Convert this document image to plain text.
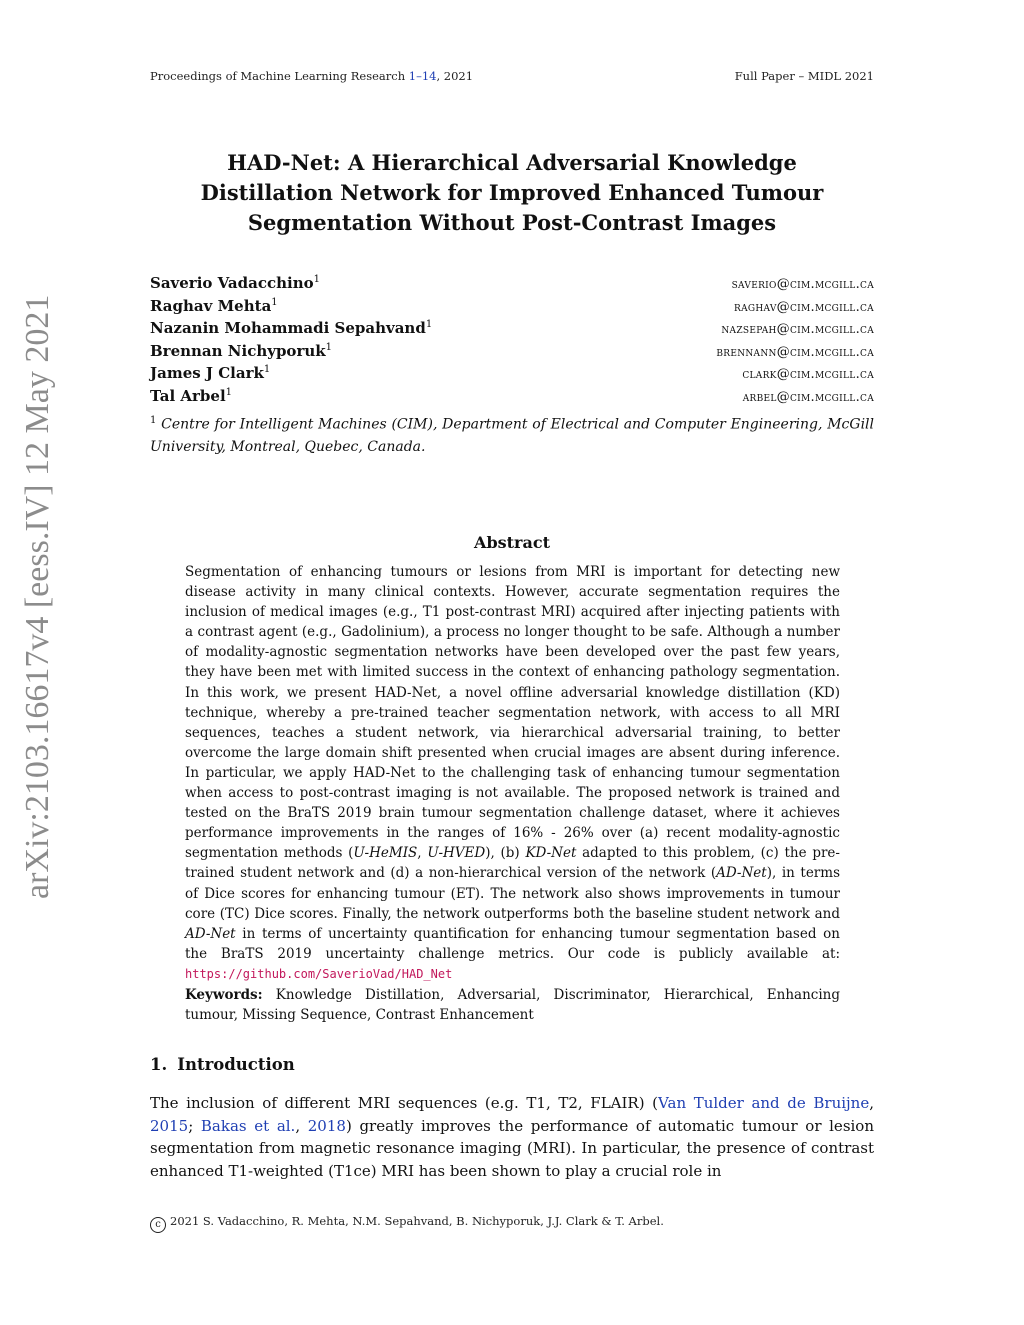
Proceedings of Machine Learning Research 1–14, 2021	Full Paper – MIDL 2021
arXiv:2103.16617v4 [eess.IV] 12 May 2021
HAD-Net: A Hierarchical Adversarial Knowledge
Distillation Network for Improved Enhanced Tumour
Segmentation Without Post-Contrast Images
Saverio Vadacchino$^1$	saverio@cim.mcgill.ca
Raghav Mehta$^1$	raghav@cim.mcgill.ca
Nazanin Mohammadi Sepahvand$^1$	nazsepah@cim.mcgill.ca
Brennan Nichyporuk$^1$	brennann@cim.mcgill.ca
James J Clark$^1$	clark@cim.mcgill.ca
Tal Arbel$^1$	arbel@cim.mcgill.ca
$^1$ Centre for Intelligent Machines (CIM), Department of Electrical and Computer Engineering, McGill University, Montreal, Quebec, Canada.
Abstract
Segmentation of enhancing tumours or lesions from MRI is important for detecting new disease activity in many clinical contexts. However, accurate segmentation requires the inclusion of medical images (e.g., T1 post-contrast MRI) acquired after injecting patients with a contrast agent (e.g., Gadolinium), a process no longer thought to be safe. Although a number of modality-agnostic segmentation networks have been developed over the past few years, they have been met with limited success in the context of enhancing pathology segmentation. In this work, we present HAD-Net, a novel offline adversarial knowledge distillation (KD) technique, whereby a pre-trained teacher segmentation network, with access to all MRI sequences, teaches a student network, via hierarchical adversarial training, to better overcome the large domain shift presented when crucial images are absent during inference. In particular, we apply HAD-Net to the challenging task of enhancing tumour segmentation when access to post-contrast imaging is not available. The proposed network is trained and tested on the BraTS 2019 brain tumour segmentation challenge dataset, where it achieves performance improvements in the ranges of 16% - 26% over (a) recent modality-agnostic segmentation methods (U-HeMIS, U-HVED), (b) KD-Net adapted to this problem, (c) the pre-trained student network and (d) a non-hierarchical version of the network (AD-Net), in terms of Dice scores for enhancing tumour (ET). The network also shows improvements in tumour core (TC) Dice scores. Finally, the network outperforms both the baseline student network and AD-Net in terms of uncertainty quantification for enhancing tumour segmentation based on the BraTS 2019 uncertainty challenge metrics. Our code is publicly available at: https://github.com/SaverioVad/HAD_Net
Keywords: Knowledge Distillation, Adversarial, Discriminator, Hierarchical, Enhancing tumour, Missing Sequence, Contrast Enhancement
1. Introduction
The inclusion of different MRI sequences (e.g. T1, T2, FLAIR) (Van Tulder and de Bruijne, 2015; Bakas et al., 2018) greatly improves the performance of automatic tumour or lesion segmentation from magnetic resonance imaging (MRI). In particular, the presence of contrast enhanced T1-weighted (T1ce) MRI has been shown to play a crucial role in
c 2021 S. Vadacchino, R. Mehta, N.M. Sepahvand, B. Nichyporuk, J.J. Clark & T. Arbel.
